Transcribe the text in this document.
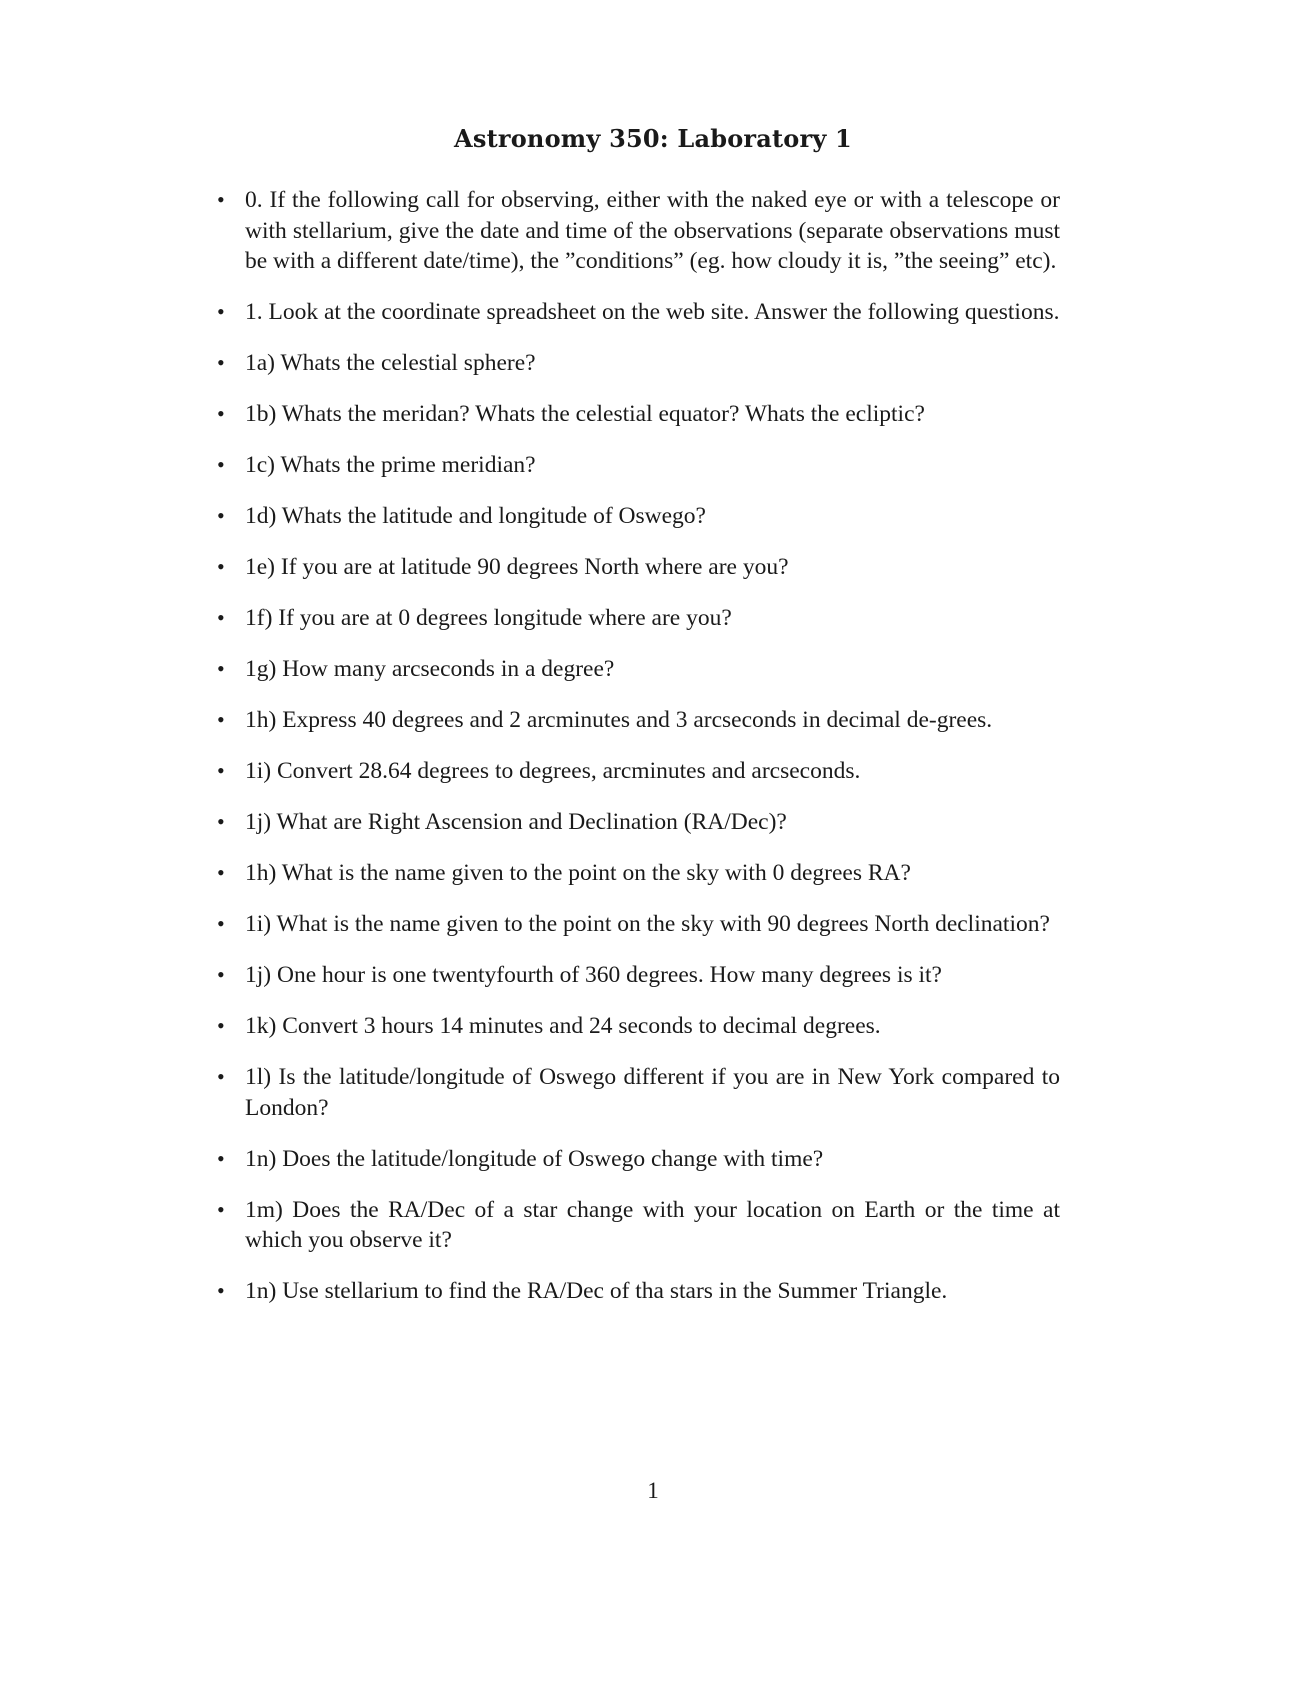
Astronomy 350: Laboratory 1
• 0. If the following call for observing, either with the naked eye or with a telescope or with stellarium, give the date and time of the observations (separate observations must be with a different date/time), the ”conditions” (eg. how cloudy it is, ”the seeing” etc).
• 1. Look at the coordinate spreadsheet on the web site. Answer the following questions.
• 1a) Whats the celestial sphere?
• 1b) Whats the meridan? Whats the celestial equator? Whats the ecliptic?
• 1c) Whats the prime meridian?
• 1d) Whats the latitude and longitude of Oswego?
• 1e) If you are at latitude 90 degrees North where are you?
• 1f) If you are at 0 degrees longitude where are you?
• 1g) How many arcseconds in a degree?
• 1h) Express 40 degrees and 2 arcminutes and 3 arcseconds in decimal de-grees.
• 1i) Convert 28.64 degrees to degrees, arcminutes and arcseconds.
• 1j) What are Right Ascension and Declination (RA/Dec)?
• 1h) What is the name given to the point on the sky with 0 degrees RA?
• 1i) What is the name given to the point on the sky with 90 degrees North declination?
• 1j) One hour is one twentyfourth of 360 degrees. How many degrees is it?
• 1k) Convert 3 hours 14 minutes and 24 seconds to decimal degrees.
• 1l) Is the latitude/longitude of Oswego different if you are in New York compared to London?
• 1n) Does the latitude/longitude of Oswego change with time?
• 1m) Does the RA/Dec of a star change with your location on Earth or the time at which you observe it?
• 1n) Use stellarium to find the RA/Dec of tha stars in the Summer Triangle.
1
